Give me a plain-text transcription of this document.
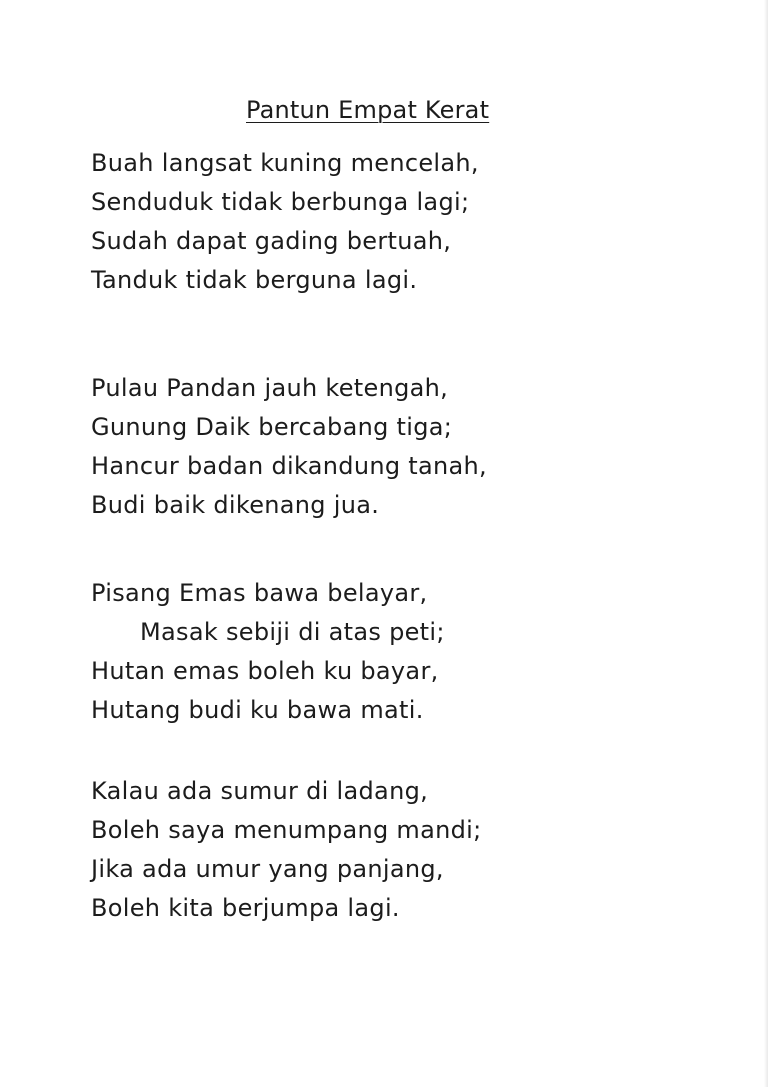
Pantun Empat Kerat
Buah langsat kuning mencelah,
Senduduk tidak berbunga lagi;
Sudah dapat gading bertuah,
Tanduk tidak berguna lagi.
Pulau Pandan jauh ketengah,
Gunung Daik bercabang tiga;
Hancur badan dikandung tanah,
Budi baik dikenang jua.
Pisang Emas bawa belayar,
Masak sebiji di atas peti;
Hutan emas boleh ku bayar,
Hutang budi ku bawa mati.
Kalau ada sumur di ladang,
Boleh saya menumpang mandi;
Jika ada umur yang panjang,
Boleh kita berjumpa lagi.
